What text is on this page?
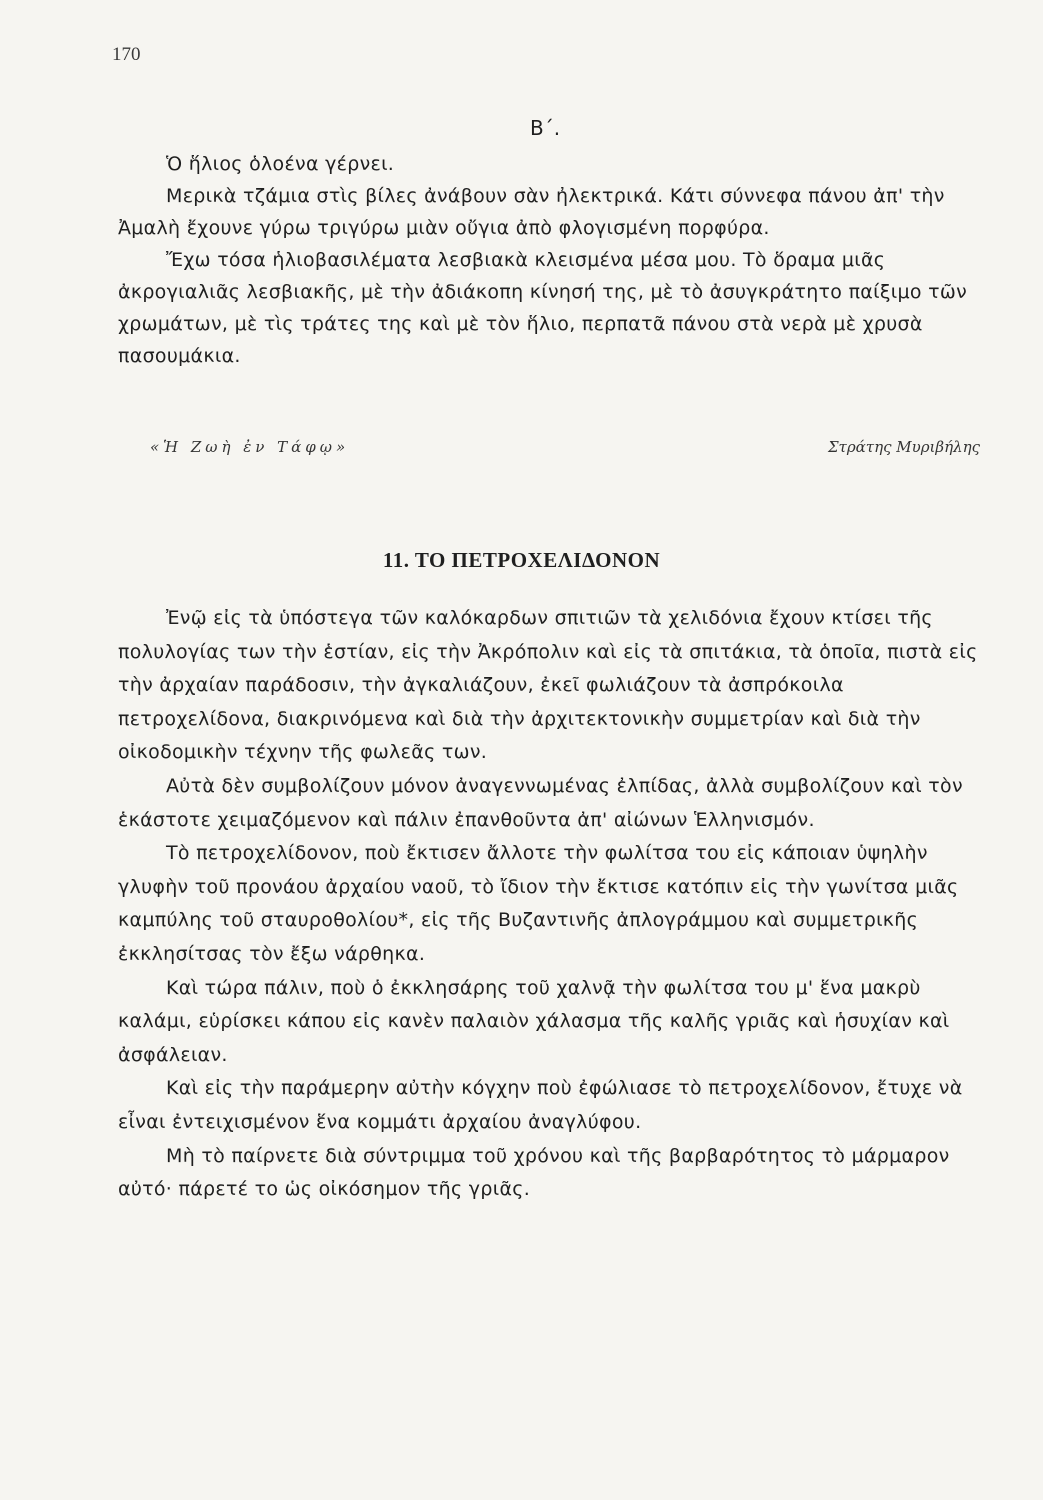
170
Β΄.

Ὁ ἥλιος ὁλοένα γέρνει.

Μερικὰ τζάμια στὶς βίλες ἀνάβουν σὰν ἠλεκτρικά. Κάτι σύννεφα πάνου ἀπ' τὴν Ἀμαλὴ ἔχουνε γύρω τριγύρω μιὰν οὔγια ἀπὸ φλογισμένη πορφύρα.

Ἔχω τόσα ἡλιοβασιλέματα λεσβιακὰ κλεισμένα μέσα μου. Τὸ ὅραμα μιᾶς ἀκρογιαλιᾶς λεσβιακῆς, μὲ τὴν ἀδιάκοπη κίνησή της, μὲ τὸ ἀσυγκράτητο παίξιμο τῶν χρωμάτων, μὲ τὶς τράτες της καὶ μὲ τὸν ἥλιο, περπατᾶ πάνου στὰ νερὰ μὲ χρυσὰ πασουμάκια.

«Ἡ Ζωὴ ἐν Τάφῳ»	Στράτης Μυριβήλης
11. ΤΟ ΠΕΤΡΟΧΕΛΙΔΟΝΟΝ

Ἐνῷ εἰς τὰ ὑπόστεγα τῶν καλόκαρδων σπιτιῶν τὰ χελιδόνια ἔχουν κτίσει τῆς πολυλογίας των τὴν ἑστίαν, εἰς τὴν Ἀκρόπολιν καὶ εἰς τὰ σπιτάκια, τὰ ὁποῖα, πιστὰ εἰς τὴν ἀρχαίαν παράδοσιν, τὴν ἀγκαλιάζουν, ἐκεῖ φωλιάζουν τὰ ἀσπρόκοιλα πετροχελίδονα, διακρινόμενα καὶ διὰ τὴν ἀρχιτεκτονικὴν συμμετρίαν καὶ διὰ τὴν οἰκοδομικὴν τέχνην τῆς φωλεᾶς των.

Αὐτὰ δὲν συμβολίζουν μόνον ἀναγεννωμένας ἐλπίδας, ἀλλὰ συμβολίζουν καὶ τὸν ἑκάστοτε χειμαζόμενον καὶ πάλιν ἐπανθοῦντα ἀπ' αἰώνων Ἑλληνισμόν.

Τὸ πετροχελίδονον, ποὺ ἔκτισεν ἄλλοτε τὴν φωλίτσα του εἰς κάποιαν ὑψηλὴν γλυφὴν τοῦ προνάου ἀρχαίου ναοῦ, τὸ ἴδιον τὴν ἔκτισε κατόπιν εἰς τὴν γωνίτσα μιᾶς καμπύλης τοῦ σταυροθολίου*, εἰς τῆς Βυζαντινῆς ἀπλογράμμου καὶ συμμετρικῆς ἐκκλησίτσας τὸν ἔξω νάρθηκα.

Καὶ τώρα πάλιν, ποὺ ὁ ἐκκλησάρης τοῦ χαλνᾷ τὴν φωλίτσα του μ' ἕνα μακρὺ καλάμι, εὑρίσκει κάπου εἰς κανὲν παλαιὸν χάλασμα τῆς καλῆς γριᾶς καὶ ἡσυχίαν καὶ ἀσφάλειαν.

Καὶ εἰς τὴν παράμερην αὐτὴν κόγχην ποὺ ἐφώλιασε τὸ πετροχελίδονον, ἔτυχε νὰ εἶναι ἐντειχισμένον ἕνα κομμάτι ἀρχαίου ἀναγλύφου.

Μὴ τὸ παίρνετε διὰ σύντριμμα τοῦ χρόνου καὶ τῆς βαρβαρότητος τὸ μάρμαρον αὐτό· πάρετέ το ὡς οἰκόσημον τῆς γριᾶς.
